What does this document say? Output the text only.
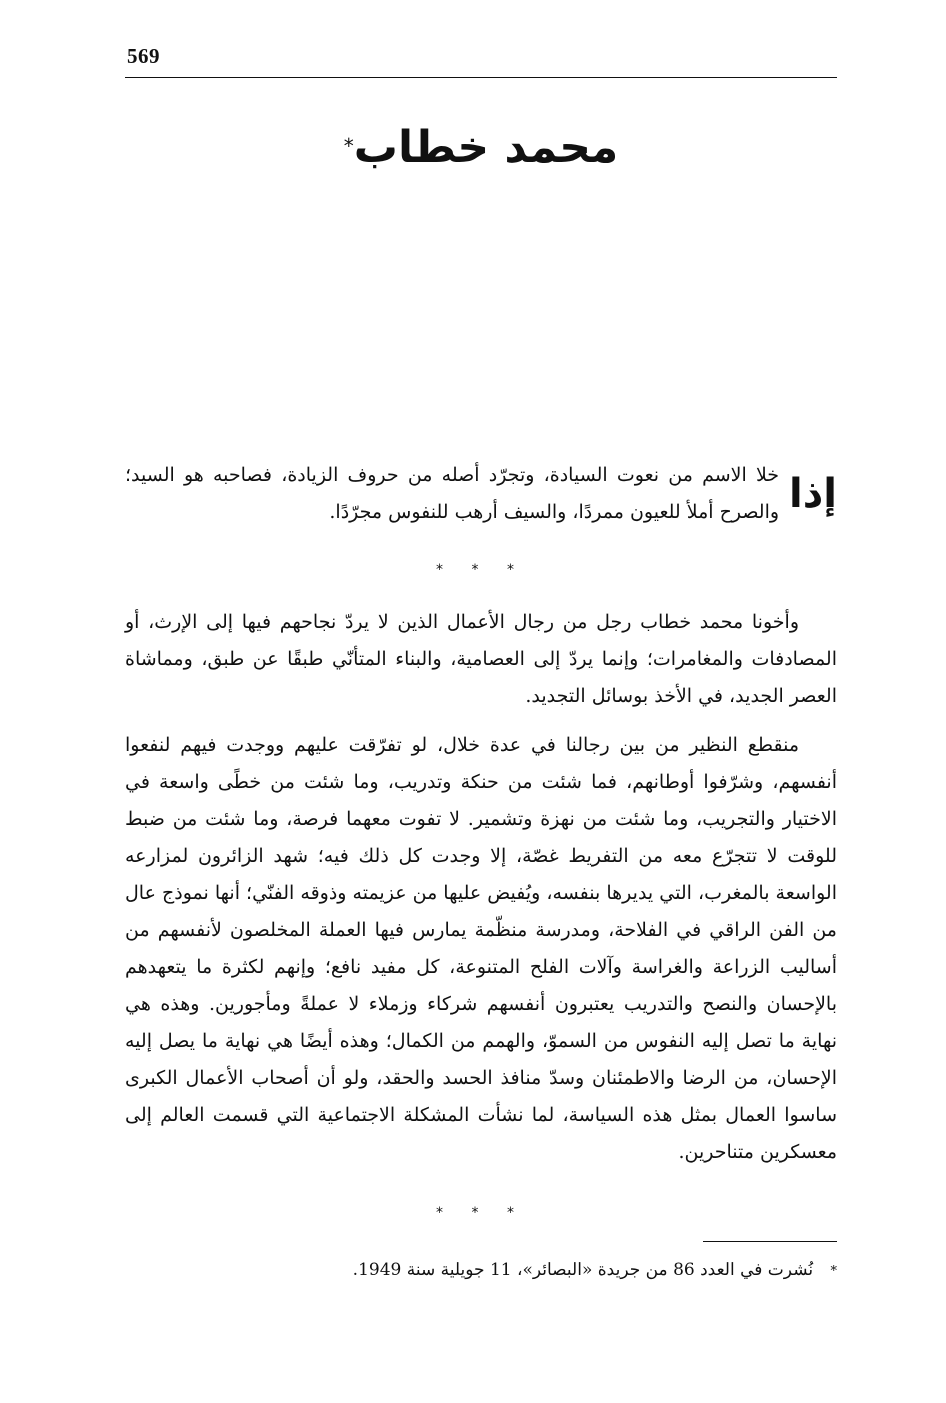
569
محمد خطاب*

إذا
خلا الاسم من نعوت السيادة، وتجرّد أصله من حروف الزيادة، فصاحبه هو السيد؛ والصرح أملأ للعيون ممردًا، والسيف أرهب للنفوس مجرّدًا.

* * *

وأخونا محمد خطاب رجل من رجال الأعمال الذين لا يردّ نجاحهم فيها إلى الإرث، أو المصادفات والمغامرات؛ وإنما يردّ إلى العصامية، والبناء المتأنّي طبقًا عن طبق، ومماشاة العصر الجديد، في الأخذ بوسائل التجديد.

منقطع النظير من بين رجالنا في عدة خلال، لو تفرّقت عليهم ووجدت فيهم لنفعوا أنفسهم، وشرّفوا أوطانهم، فما شئت من حنكة وتدريب، وما شئت من خطًى واسعة في الاختيار والتجريب، وما شئت من نهزة وتشمير. لا تفوت معهما فرصة، وما شئت من ضبط للوقت لا تتجرّع معه من التفريط غصّة، إلا وجدت كل ذلك فيه؛ شهد الزائرون لمزارعه الواسعة بالمغرب، التي يديرها بنفسه، ويُفيض عليها من عزيمته وذوقه الفنّي؛ أنها نموذج عال من الفن الراقي في الفلاحة، ومدرسة منظّمة يمارس فيها العملة المخلصون لأنفسهم من أساليب الزراعة والغراسة وآلات الفلح المتنوعة، كل مفيد نافع؛ وإنهم لكثرة ما يتعهدهم بالإحسان والنصح والتدريب يعتبرون أنفسهم شركاء وزملاء لا عملةً ومأجورين. وهذه هي نهاية ما تصل إليه النفوس من السموّ، والهمم من الكمال؛ وهذه أيضًا هي نهاية ما يصل إليه الإحسان، من الرضا والاطمئنان وسدّ منافذ الحسد والحقد، ولو أن أصحاب الأعمال الكبرى ساسوا العمال بمثل هذه السياسة، لما نشأت المشكلة الاجتماعية التي قسمت العالم إلى معسكرين متناحرين.

* * *
* نُشرت في العدد 86 من جريدة «البصائر»، 11 جويلية سنة 1949.
